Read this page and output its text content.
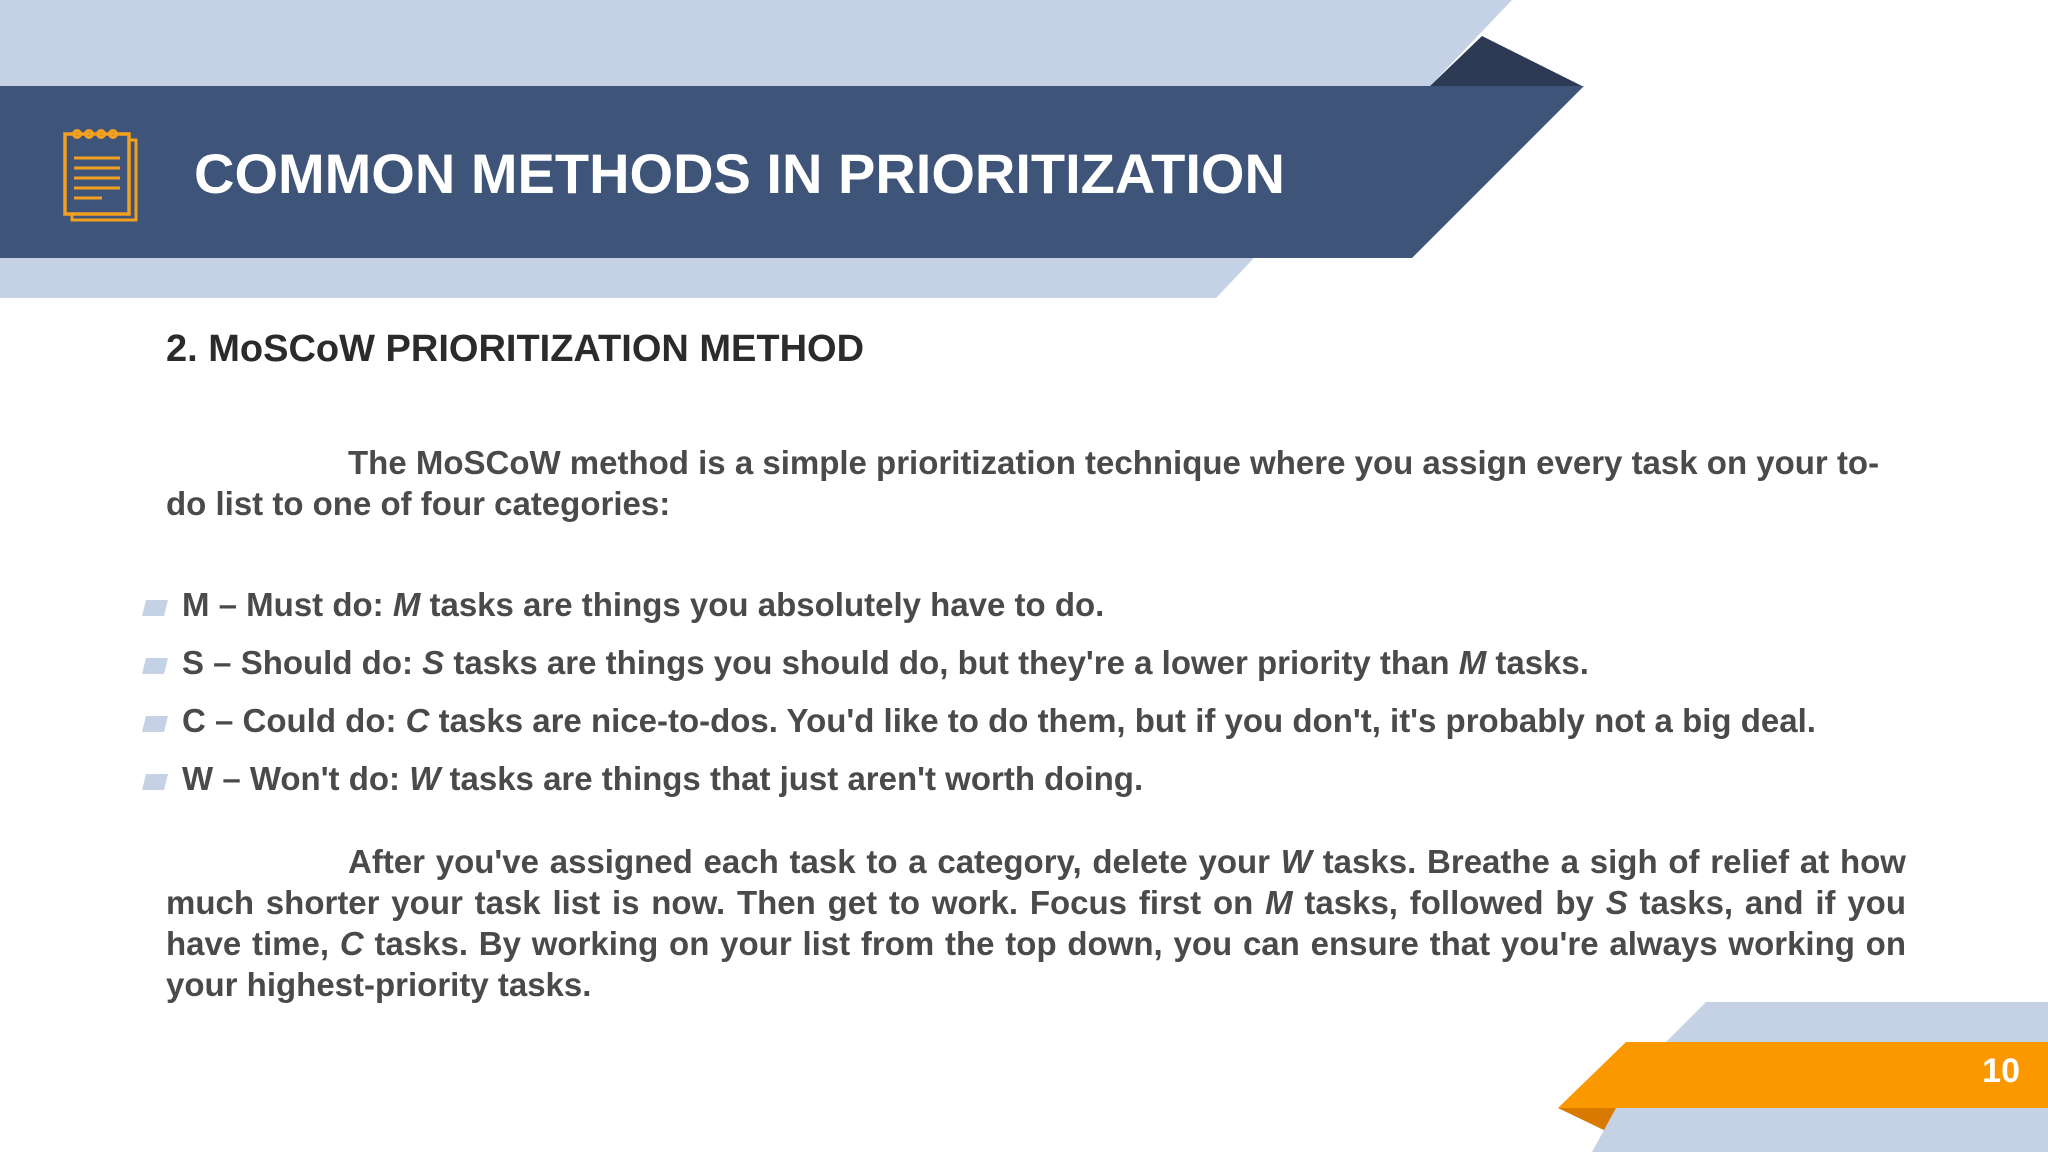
COMMON METHODS IN PRIORITIZATION
2. MoSCoW PRIORITIZATION METHOD

The MoSCoW method is a simple prioritization technique where you assign every task on your to-do list to one of four categories:

M – Must do: M tasks are things you absolutely have to do.
S – Should do: S tasks are things you should do, but they're a lower priority than M tasks.
C – Could do: C tasks are nice-to-dos. You'd like to do them, but if you don't, it's probably not a big deal.
W – Won't do: W tasks are things that just aren't worth doing.

After you've assigned each task to a category, delete your W tasks. Breathe a sigh of relief at how much shorter your task list is now. Then get to work. Focus first on M tasks, followed by S tasks, and if you have time, C tasks. By working on your list from the top down, you can ensure that you're always working on your highest-priority tasks.

10
